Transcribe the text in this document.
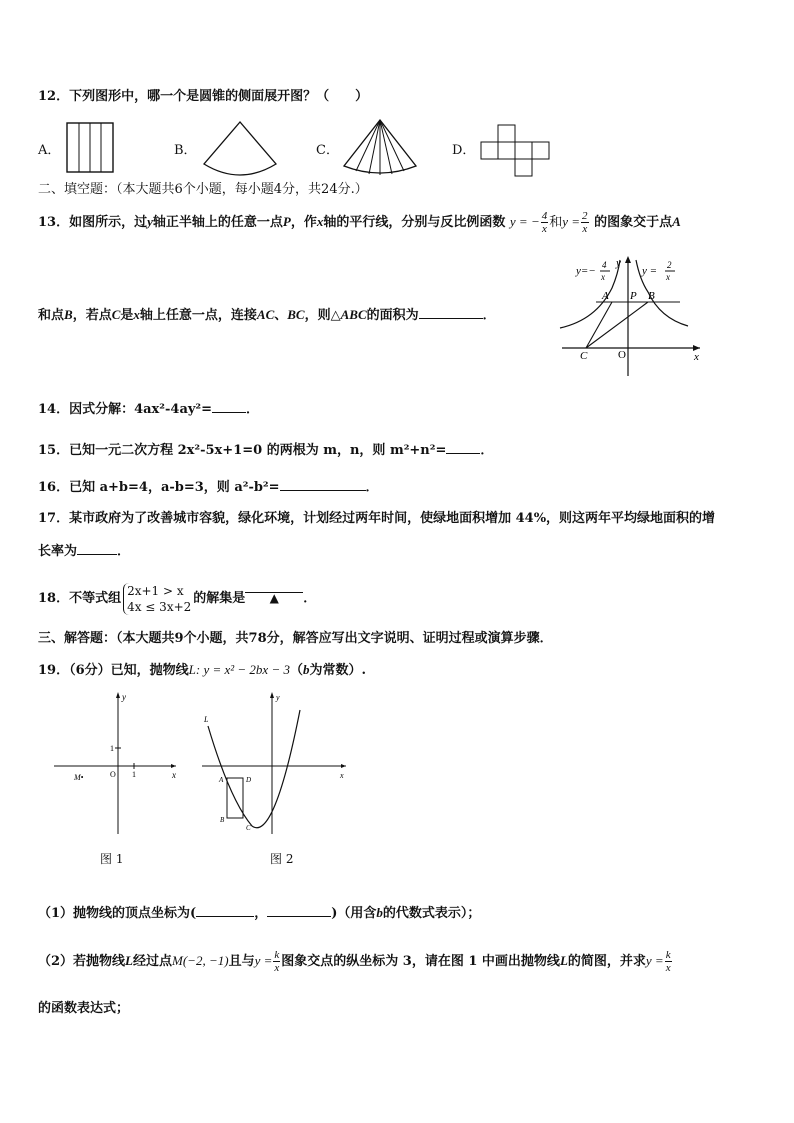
12．下列图形中，哪一个是圆锥的侧面展开图？（　　）
A．	B．	C．	D．
二、填空题：（本大题共6个小题，每小题4分，共24分.）
13．如图所示，过y轴正半轴上的任意一点P，作x轴的平行线，分别与反比例函数 y = − $\frac{4}{x}$ 和$y = \frac{2}{x}$ 的图象交于点A
和点B，若点C是x轴上任意一点，连接AC、BC，则△ABC的面积为	．
y=− 4
x
y
y = 2
x
A P B
C	O	x
14．因式分解：4ax²-4ay²=	．
15．已知一元二次方程 2x²-5x+1=0 的两根为 m，n，则 m²+n²=	．
16．已知 a+b=4，a-b=3，则 a²-b²=	．
17．某市政府为了改善城市容貌，绿化环境，计划经过两年时间，使绿地面积增加 44%，则这两年平均绿地面积的增
长率为	．
18．不等式组
2x+1 > x
4x ≤ 3x+2
的解集是 ▲ ．
三、解答题：（本大题共9个小题，共78分，解答应写出文字说明、证明过程或演算步骤．
19．（6分）已知，抛物线L: y = x² − 2bx − 3（b为常数）.
y
x
1
1
O
M•
图 1
L
y
x
A	D
B
C
图 2
（1）抛物线的顶点坐标为(	，	)（用含b的代数式表示）；
（2）若抛物线L经过点M(−2, −1)且与$y = \frac{k}{x}$ 图象交点的纵坐标为 3，请在图 1 中画出抛物线L的简图，并求$y = \frac{k}{x}$
的函数表达式；
